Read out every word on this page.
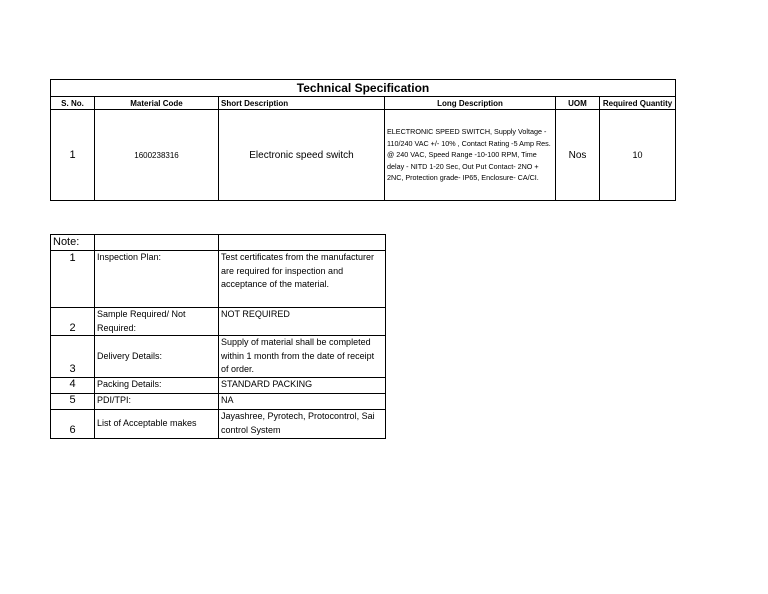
Technical Specification					
S. No.	Material Code	Short Description	Long Description	UOM	Required Quantity
1	1600238316	Electronic speed switch	ELECTRONIC SPEED SWITCH, Supply Voltage - 110/240 VAC +/- 10% , Contact Rating -5 Amp Res. @ 240 VAC, Speed Range -10-100 RPM, Time delay - NITD 1-20 Sec, Out Put Contact- 2NO + 2NC, Protection grade- IP65, Enclosure- CA/CI.	Nos	10
Note:		
1	Inspection Plan:	Test certificates from the manufacturer are required for inspection and acceptance of the material.
2	Sample Required/ Not Required:	NOT REQUIRED
3	Delivery Details:	Supply of material shall be completed within 1 month from the date of receipt of order.
4	Packing Details:	STANDARD PACKING
5	PDI/TPI:	NA
6	List of Acceptable makes	Jayashree, Pyrotech, Protocontrol, Sai control System
